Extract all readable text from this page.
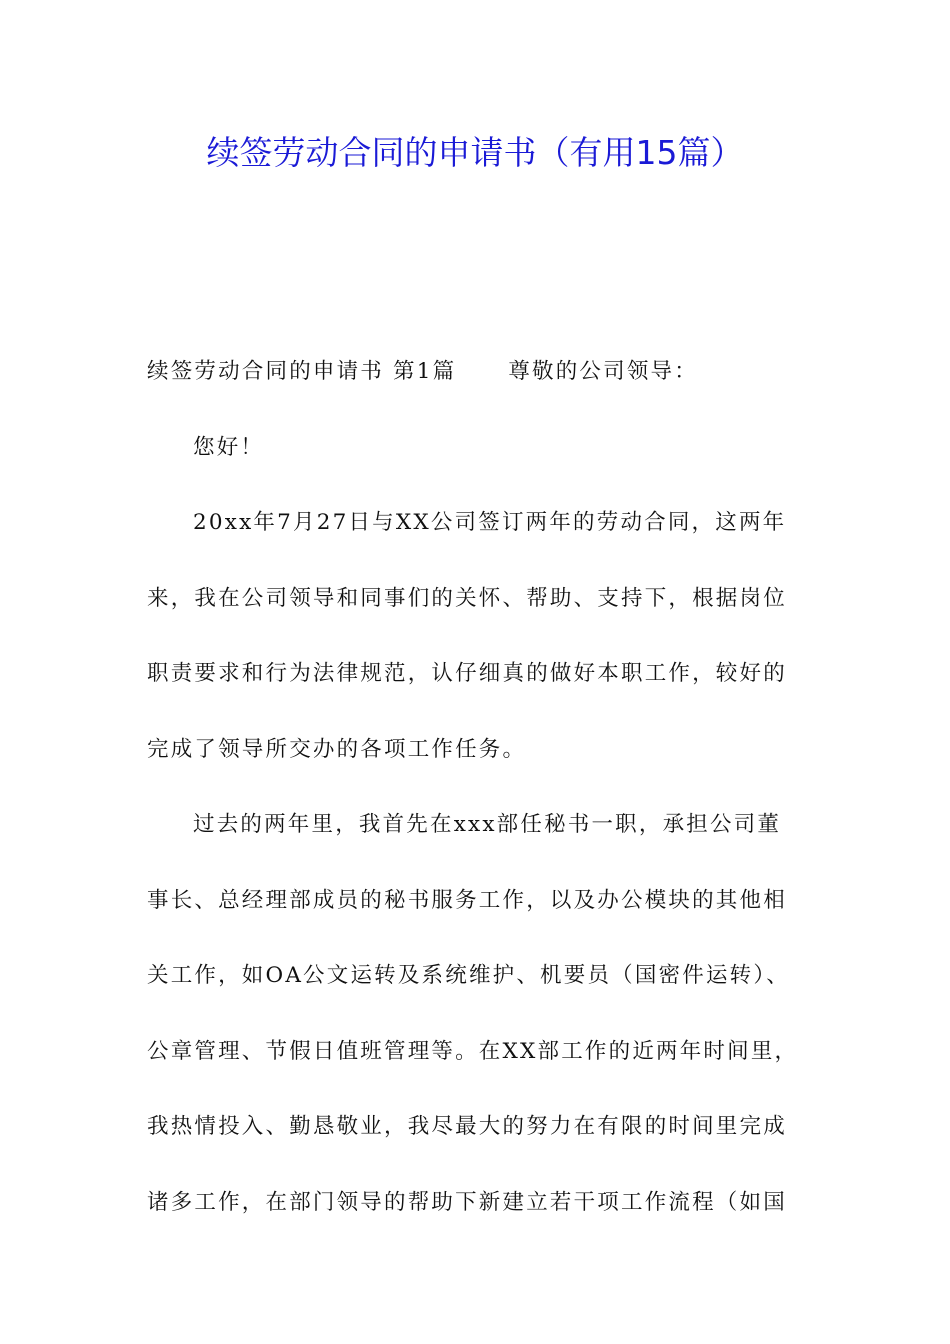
续签劳动合同的申请书（有用15篇）
续签劳动合同的申请书 第1篇 尊敬的公司领导：
您好！
20xx年7月27日与XX公司签订两年的劳动合同，这两年
来，我在公司领导和同事们的关怀、帮助、支持下，根据岗位
职责要求和行为法律规范，认仔细真的做好本职工作，较好的
完成了领导所交办的各项工作任务。
过去的两年里，我首先在xxx部任秘书一职，承担公司董
事长、总经理部成员的秘书服务工作，以及办公模块的其他相
关工作，如OA公文运转及系统维护、机要员（国密件运转）、
公章管理、节假日值班管理等。在XX部工作的近两年时间里，
我热情投入、勤恳敬业，我尽最大的努力在有限的时间里完成
诸多工作，在部门领导的帮助下新建立若干项工作流程（如国
